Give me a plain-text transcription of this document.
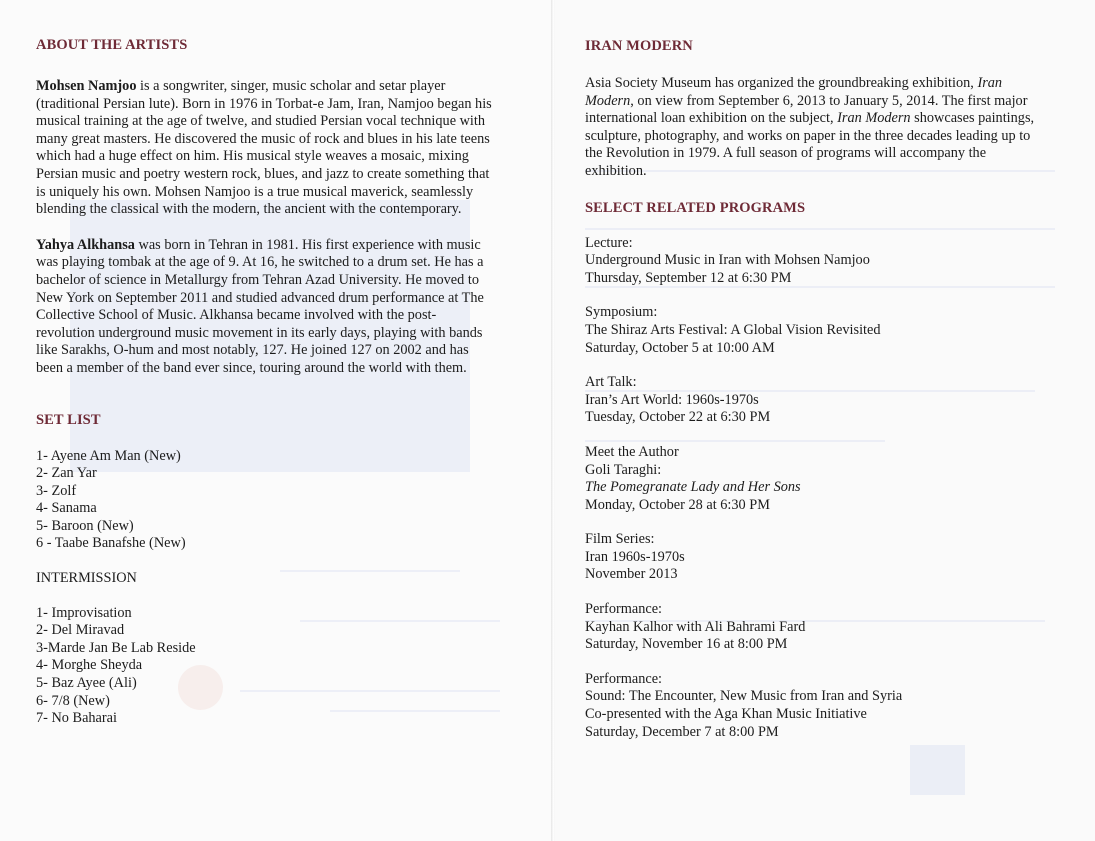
ABOUT THE ARTISTS

Mohsen Namjoo is a songwriter, singer, music scholar and setar player
(traditional Persian lute). Born in 1976 in Torbat-e Jam, Iran, Namjoo began his
musical training at the age of twelve, and studied Persian vocal technique with
many great masters. He discovered the music of rock and blues in his late teens
which had a huge effect on him. His musical style weaves a mosaic, mixing
Persian music and poetry western rock, blues, and jazz to create something that
is uniquely his own. Mohsen Namjoo is a true musical maverick, seamlessly
blending the classical with the modern, the ancient with the contemporary.

Yahya Alkhansa was born in Tehran in 1981. His first experience with music
was playing tombak at the age of 9. At 16, he switched to a drum set. He has a
bachelor of science in Metallurgy from Tehran Azad University. He moved to
New York on September 2011 and studied advanced drum performance at The
Collective School of Music. Alkhansa became involved with the post-
revolution underground music movement in its early days, playing with bands
like Sarakhs, O-hum and most notably, 127. He joined 127 on 2002 and has
been a member of the band ever since, touring around the world with them.

SET LIST
1- Ayene Am Man (New)
2- Zan Yar
3- Zolf
4- Sanama
5- Baroon (New)
6 - Taabe Banafshe (New)

INTERMISSION

1- Improvisation
2- Del Miravad
3-Marde Jan Be Lab Reside
4- Morghe Sheyda
5- Baz Ayee (Ali)
6- 7/8 (New)
7- No Baharai
IRAN MODERN

Asia Society Museum has organized the groundbreaking exhibition, Iran
Modern, on view from September 6, 2013 to January 5, 2014. The first major
international loan exhibition on the subject, Iran Modern showcases paintings,
sculpture, photography, and works on paper in the three decades leading up to
the Revolution in 1979. A full season of programs will accompany the
exhibition.

SELECT RELATED PROGRAMS
Lecture:
Underground Music in Iran with Mohsen Namjoo
Thursday, September 12 at 6:30 PM
Symposium:
The Shiraz Arts Festival: A Global Vision Revisited
Saturday, October 5 at 10:00 AM
Art Talk:
Iran’s Art World: 1960s-1970s
Tuesday, October 22 at 6:30 PM
Meet the Author
Goli Taraghi:
The Pomegranate Lady and Her Sons
Monday, October 28 at 6:30 PM
Film Series:
Iran 1960s-1970s
November 2013
Performance:
Kayhan Kalhor with Ali Bahrami Fard
Saturday, November 16 at 8:00 PM
Performance:
Sound: The Encounter, New Music from Iran and Syria
Co-presented with the Aga Khan Music Initiative
Saturday, December 7 at 8:00 PM
